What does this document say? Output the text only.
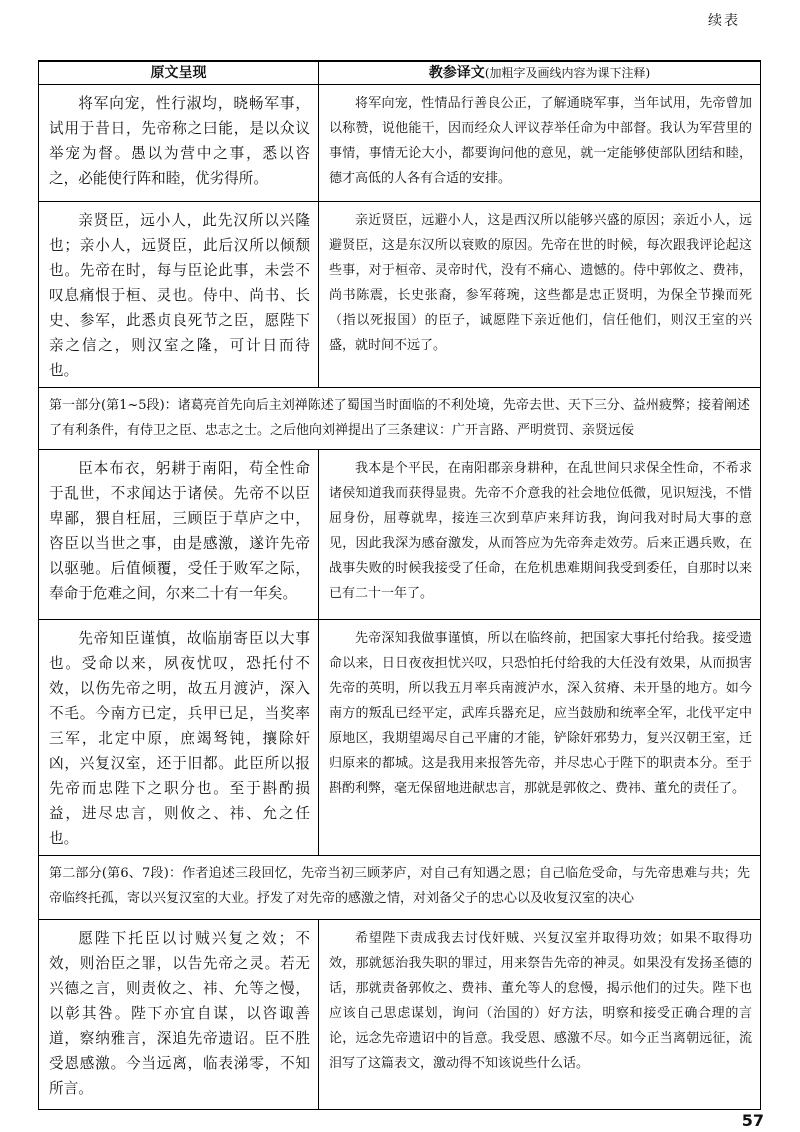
续表
原文呈现	教参译文(加粗字及画线内容为课下注释)

将军向宠，性行淑均，晓畅军事，试用于昔日，先帝称之曰能，是以众议举宠为督。愚以为营中之事，悉以咨之，必能使行阵和睦，优劣得所。	将军向宠，性情品行善良公正，了解通晓军事，当年试用，先帝曾加以称赞，说他能干，因而经众人评议荐举任命为中部督。我认为军营里的事情，事情无论大小，都要询问他的意见，就一定能够使部队团结和睦，德才高低的人各有合适的安排。

亲贤臣，远小人，此先汉所以兴隆也；亲小人，远贤臣，此后汉所以倾颓也。先帝在时，每与臣论此事，未尝不叹息痛恨于桓、灵也。侍中、尚书、长史、参军，此悉贞良死节之臣，愿陛下亲之信之，则汉室之隆，可计日而待也。	亲近贤臣，远避小人，这是西汉所以能够兴盛的原因；亲近小人，远避贤臣，这是东汉所以衰败的原因。先帝在世的时候，每次跟我评论起这些事，对于桓帝、灵帝时代，没有不痛心、遗憾的。侍中郭攸之、费祎，尚书陈震，长史张裔，参军蒋琬，这些都是忠正贤明，为保全节操而死（指以死报国）的臣子，诚愿陛下亲近他们，信任他们，则汉王室的兴盛，就时间不远了。

第一部分(第1~5段)：诸葛亮首先向后主刘禅陈述了蜀国当时面临的不利处境，先帝去世、天下三分、益州疲弊；接着阐述了有利条件，有侍卫之臣、忠志之士。之后他向刘禅提出了三条建议：广开言路、严明赏罚、亲贤远佞	

臣本布衣，躬耕于南阳，苟全性命于乱世，不求闻达于诸侯。先帝不以臣卑鄙，猥自枉屈，三顾臣于草庐之中，咨臣以当世之事，由是感激，遂许先帝以驱驰。后值倾覆，受任于败军之际，奉命于危难之间，尔来二十有一年矣。	我本是个平民，在南阳郡亲身耕种，在乱世间只求保全性命，不希求诸侯知道我而获得显贵。先帝不介意我的社会地位低微，见识短浅，不惜屈身份，屈尊就卑，接连三次到草庐来拜访我，询问我对时局大事的意见，因此我深为感奋激发，从而答应为先帝奔走效劳。后来正遇兵败，在战事失败的时候我接受了任命，在危机患难期间我受到委任，自那时以来已有二十一年了。

先帝知臣谨慎，故临崩寄臣以大事也。受命以来，夙夜忧叹，恐托付不效，以伤先帝之明，故五月渡泸，深入不毛。今南方已定，兵甲已足，当奖率三军，北定中原，庶竭驽钝，攘除奸凶，兴复汉室，还于旧都。此臣所以报先帝而忠陛下之职分也。至于斟酌损益，进尽忠言，则攸之、祎、允之任也。	先帝深知我做事谨慎，所以在临终前，把国家大事托付给我。接受遗命以来，日日夜夜担忧兴叹，只恐怕托付给我的大任没有效果，从而损害先帝的英明，所以我五月率兵南渡泸水，深入贫瘠、未开垦的地方。如今南方的叛乱已经平定，武库兵器充足，应当鼓励和统率全军，北伐平定中原地区，我期望竭尽自己平庸的才能，铲除奸邪势力，复兴汉朝王室，迁归原来的都城。这是我用来报答先帝，并尽忠心于陛下的职责本分。至于斟酌利弊，毫无保留地进献忠言，那就是郭攸之、费祎、董允的责任了。

第二部分(第6、7段)：作者追述三段回忆，先帝当初三顾茅庐，对自己有知遇之恩；自己临危受命，与先帝患难与共；先帝临终托孤，寄以兴复汉室的大业。抒发了对先帝的感激之情，对刘备父子的忠心以及收复汉室的决心	

愿陛下托臣以讨贼兴复之效；不效，则治臣之罪，以告先帝之灵。若无兴德之言，则责攸之、祎、允等之慢，以彰其咎。陛下亦宜自谋，以咨诹善道，察纳雅言，深追先帝遗诏。臣不胜受恩感激。今当远离，临表涕零，不知所言。	希望陛下责成我去讨伐奸贼、兴复汉室并取得功效；如果不取得功效，那就惩治我失职的罪过，用来祭告先帝的神灵。如果没有发扬圣德的话，那就责备郭攸之、费祎、董允等人的怠慢，揭示他们的过失。陛下也应该自己思虑谋划，询问（治国的）好方法，明察和接受正确合理的言论，远念先帝遗诏中的旨意。我受恩、感激不尽。如今正当离朝远征，流泪写了这篇表文，激动得不知该说些什么话。

57
